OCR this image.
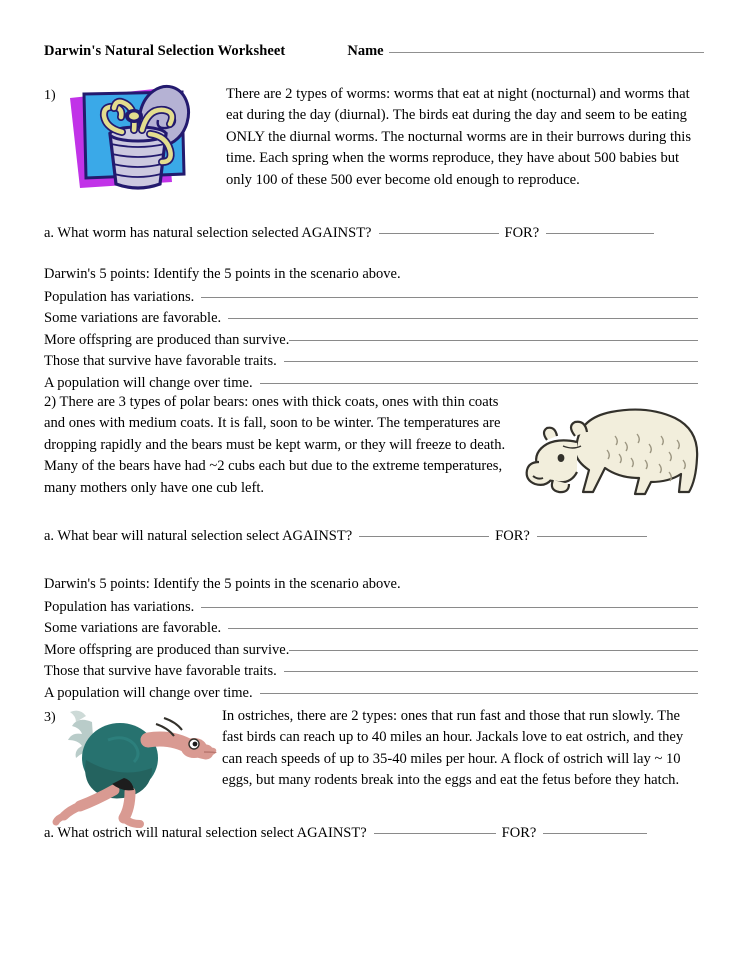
Darwin's Natural Selection Worksheet	Name
1)	There are 2 types of worms: worms that eat at night (nocturnal) and worms that eat during the day (diurnal). The birds eat during the day and seem to be eating ONLY the diurnal worms. The nocturnal worms are in their burrows during this time. Each spring when the worms reproduce, they have about 500 babies but only 100 of these 500 ever become old enough to reproduce.
a. What worm has natural selection selected AGAINST?	FOR?
Darwin's 5 points: Identify the 5 points in the scenario above.
Population has variations.
Some variations are favorable.
More offspring are produced than survive.
Those that survive have favorable traits.
A population will change over time.
2) There are 3 types of polar bears: ones with thick coats, ones with thin coats and ones with medium coats. It is fall, soon to be winter. The temperatures are dropping rapidly and the bears must be kept warm, or they will freeze to death. Many of the bears have had ~2 cubs each but due to the extreme temperatures, many mothers only have one cub left.
a. What bear will natural selection select AGAINST?	FOR?
Darwin's 5 points: Identify the 5 points in the scenario above.
Population has variations.
Some variations are favorable.
More offspring are produced than survive.
Those that survive have favorable traits.
A population will change over time.
3)	In ostriches, there are 2 types: ones that run fast and those that run slowly. The fast birds can reach up to 40 miles an hour. Jackals love to eat ostrich, and they can reach speeds of up to 35-40 miles per hour. A flock of ostrich will lay ~ 10 eggs, but many rodents break into the eggs and eat the fetus before they hatch.
a. What ostrich will natural selection select AGAINST?	FOR?
